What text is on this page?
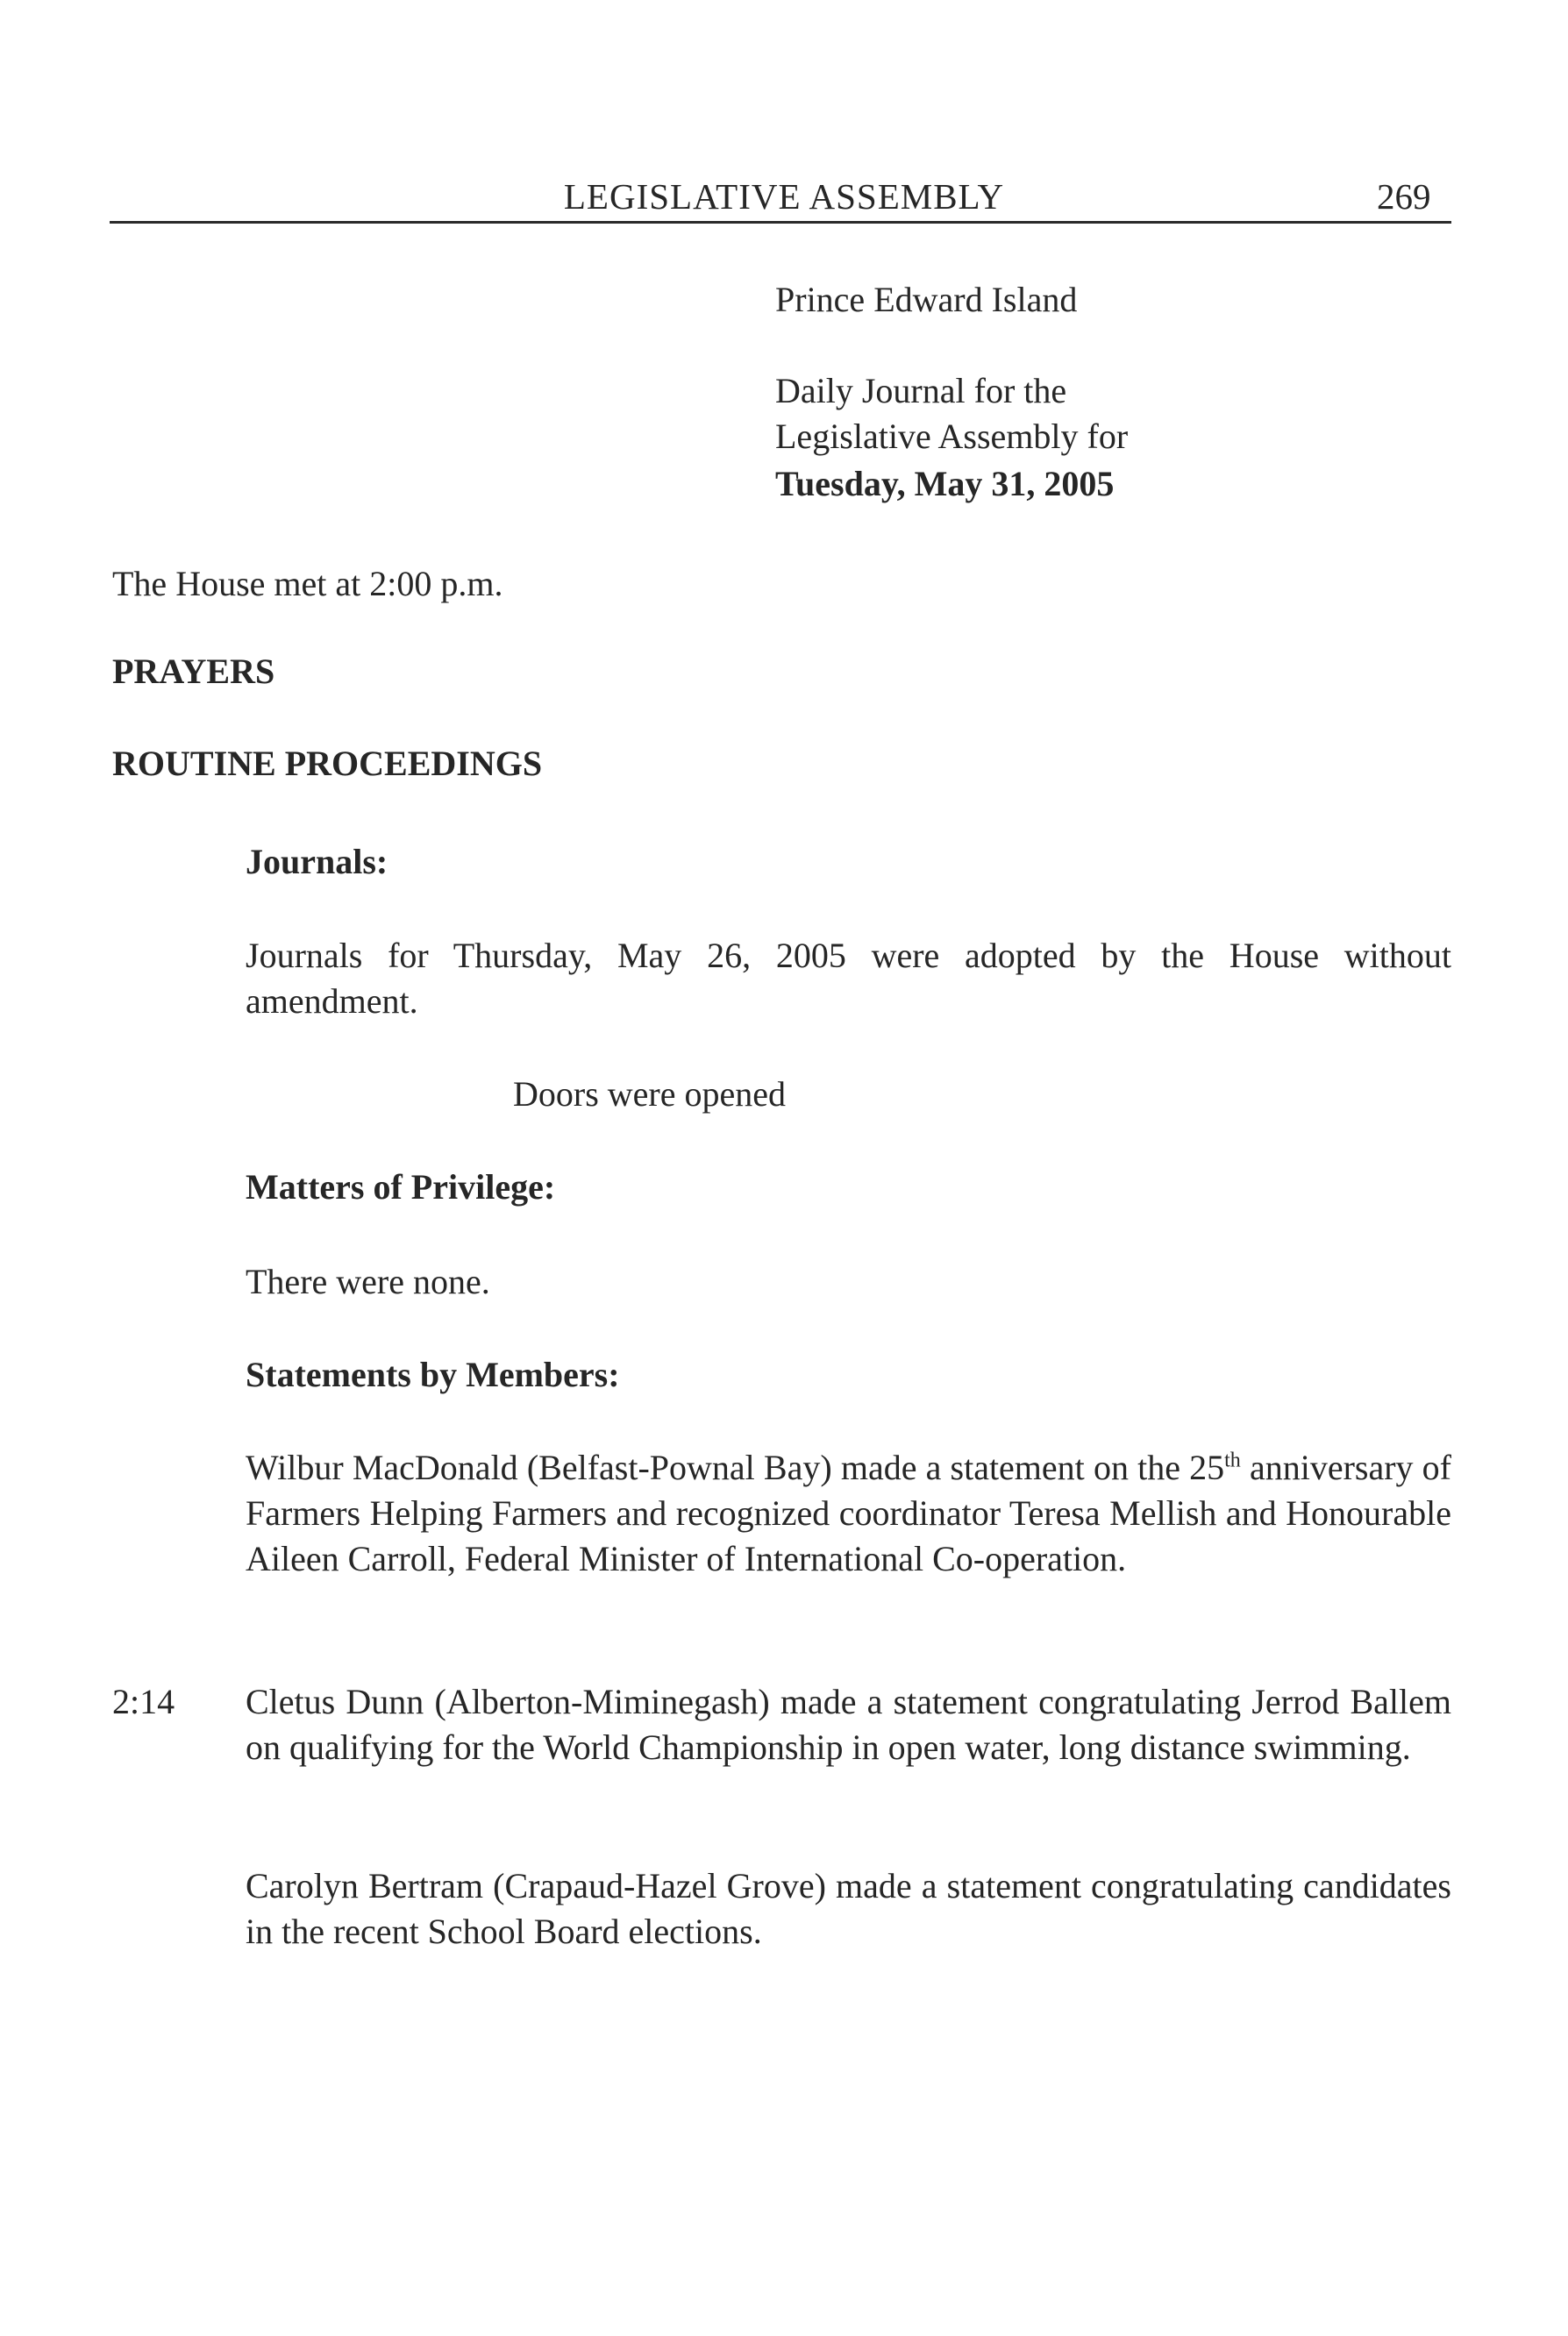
LEGISLATIVE ASSEMBLY	269
Prince Edward Island
Daily Journal for the
Legislative Assembly for
Tuesday, May 31, 2005
The House met at 2:00 p.m.
PRAYERS
ROUTINE PROCEEDINGS
Journals:
Journals for Thursday, May 26, 2005 were adopted by the House without amendment.
Doors were opened
Matters of Privilege:
There were none.
Statements by Members:
Wilbur MacDonald (Belfast-Pownal Bay) made a statement on the 25th anniversary of Farmers Helping Farmers and recognized coordinator Teresa Mellish and Honourable Aileen Carroll, Federal Minister of International Co-operation.
2:14 Cletus Dunn (Alberton-Miminegash) made a statement congratulating Jerrod Ballem on qualifying for the World Championship in open water, long distance swimming.
Carolyn Bertram (Crapaud-Hazel Grove) made a statement congratulating candidates in the recent School Board elections.
